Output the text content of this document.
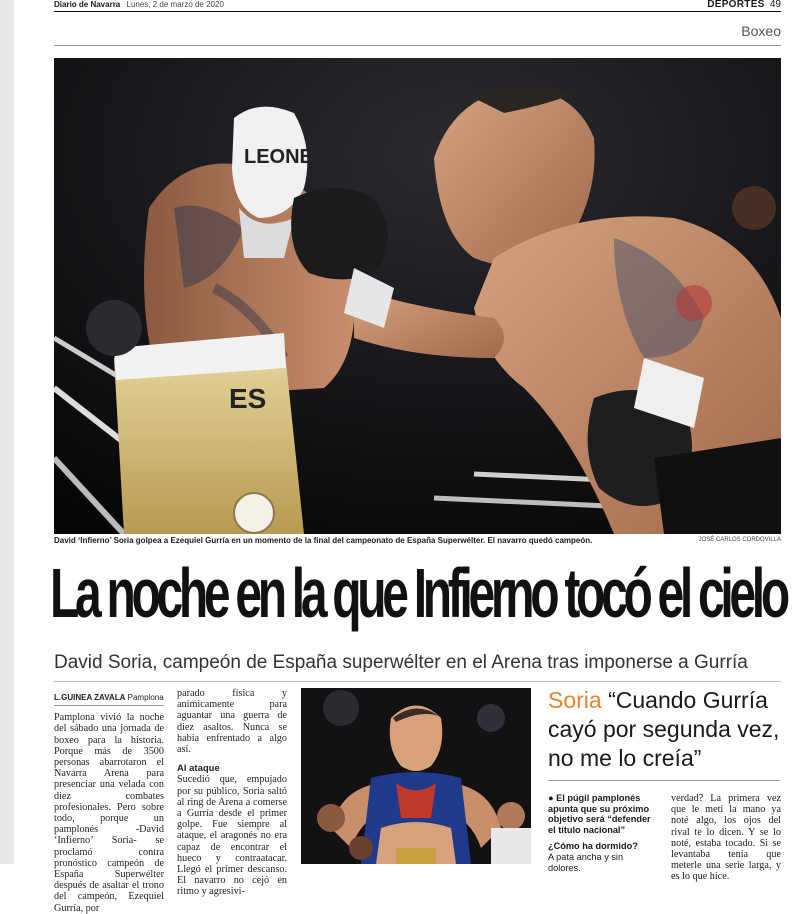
Diario de Navarra Lunes, 2 de marzo de 2020	DEPORTES 49
Boxeo
ES
LEONE
David ‘Infierno’ Soria golpea a Ezequiel Gurría en un momento de la final del campeonato de España Superwélter. El navarro quedó campeón.	JOSÉ CARLOS CORDOVILLA
La noche en la que Infierno tocó el cielo
David Soria, campeón de España superwélter en el Arena tras imponerse a Gurría
L.GUINEA ZAVALA Pamplona

Pamplona vivió la noche del sábado una jornada de boxeo para la historia. Porque más de 3500 personas abarrotaron el Navarra Arena para presenciar una velada con diez combates profesionales. Pero sobre todo, porque un pamplonés -David ‘Infierno’ Soria- se proclamó contra pronóstico campeón de España Superwélter después de asaltar el trono del campeón, Ezequiel Gurría, por

parado física y anímicamente para aguantar una guerra de diez asaltos. Nunca se había enfrentado a algo así.

Al ataque

Sucedió que, empujado por su público, Soria saltó al ring de Arena a comerse a Gurría desde el primer golpe. Fue siempre al ataque, el aragonés no era capaz de encontrar el hueco y contraatacar. Llegó el primer descanso. El navarro no cejó en ritmo y agresivi-

Soria “Cuando Gurría cayó por segunda vez, no me lo creía”
● El púgil pamplonés apunta que su próximo objetivo será “defender el título nacional”
¿Cómo ha dormido?
A pata ancha y sin dolores.

verdad? La primera vez que le metí la mano ya noté algo, los ojos del rival te lo dicen. Y se lo noté, estaba tocado. Si se levantaba tenía que meterle una serie larga, y es lo que hice.
